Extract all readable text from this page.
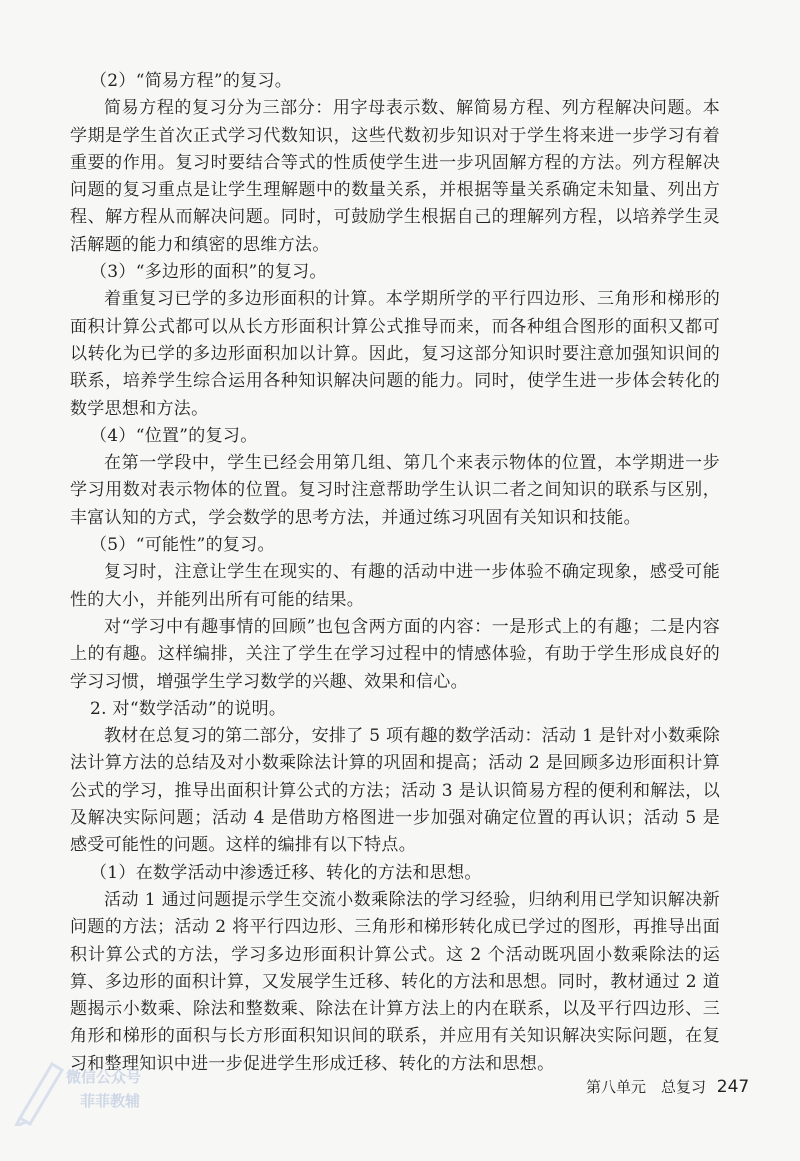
（2）“简易方程”的复习。

简易方程的复习分为三部分：用字母表示数、解简易方程、列方程解决问题。本学期是学生首次正式学习代数知识，这些代数初步知识对于学生将来进一步学习有着重要的作用。复习时要结合等式的性质使学生进一步巩固解方程的方法。列方程解决问题的复习重点是让学生理解题中的数量关系，并根据等量关系确定未知量、列出方程、解方程从而解决问题。同时，可鼓励学生根据自己的理解列方程，以培养学生灵活解题的能力和缜密的思维方法。

（3）“多边形的面积”的复习。

着重复习已学的多边形面积的计算。本学期所学的平行四边形、三角形和梯形的面积计算公式都可以从长方形面积计算公式推导而来，而各种组合图形的面积又都可以转化为已学的多边形面积加以计算。因此，复习这部分知识时要注意加强知识间的联系，培养学生综合运用各种知识解决问题的能力。同时，使学生进一步体会转化的数学思想和方法。

（4）“位置”的复习。

在第一学段中，学生已经会用第几组、第几个来表示物体的位置，本学期进一步学习用数对表示物体的位置。复习时注意帮助学生认识二者之间知识的联系与区别，丰富认知的方式，学会数学的思考方法，并通过练习巩固有关知识和技能。

（5）“可能性”的复习。

复习时，注意让学生在现实的、有趣的活动中进一步体验不确定现象，感受可能性的大小，并能列出所有可能的结果。

对“学习中有趣事情的回顾”也包含两方面的内容：一是形式上的有趣；二是内容上的有趣。这样编排，关注了学生在学习过程中的情感体验，有助于学生形成良好的学习习惯，增强学生学习数学的兴趣、效果和信心。

2. 对“数学活动”的说明。

教材在总复习的第二部分，安排了 5 项有趣的数学活动：活动 1 是针对小数乘除法计算方法的总结及对小数乘除法计算的巩固和提高；活动 2 是回顾多边形面积计算公式的学习，推导出面积计算公式的方法；活动 3 是认识简易方程的便利和解法，以及解决实际问题；活动 4 是借助方格图进一步加强对确定位置的再认识；活动 5 是感受可能性的问题。这样的编排有以下特点。

（1）在数学活动中渗透迁移、转化的方法和思想。

活动 1 通过问题提示学生交流小数乘除法的学习经验，归纳利用已学知识解决新问题的方法；活动 2 将平行四边形、三角形和梯形转化成已学过的图形，再推导出面积计算公式的方法，学习多边形面积计算公式。这 2 个活动既巩固小数乘除法的运算、多边形的面积计算，又发展学生迁移、转化的方法和思想。同时，教材通过 2 道题揭示小数乘、除法和整数乘、除法在计算方法上的内在联系，以及平行四边形、三角形和梯形的面积与长方形面积知识间的联系，并应用有关知识解决实际问题，在复习和整理知识中进一步促进学生形成迁移、转化的方法和思想。

第八单元　总复习 247
微信公众号
菲菲教辅
